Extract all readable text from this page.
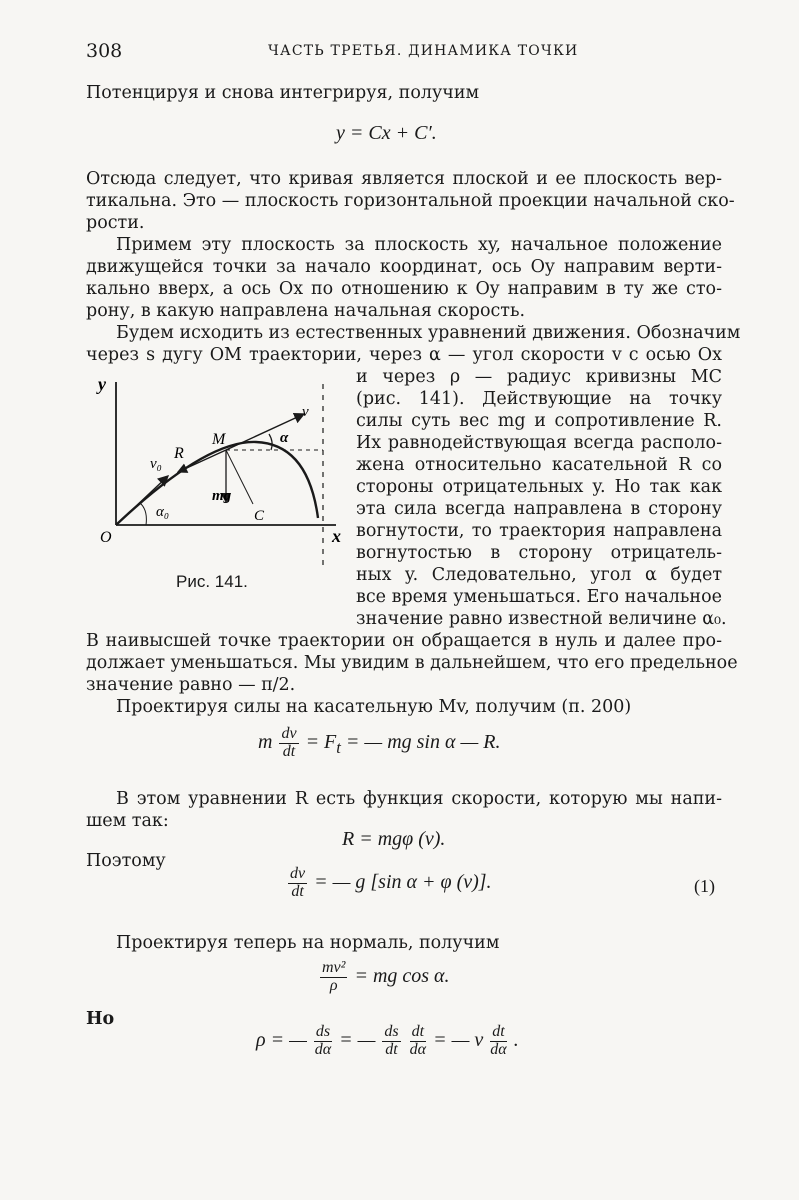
308	ЧАСТЬ ТРЕТЬЯ. ДИНАМИКА ТОЧКИ
Потенцируя и снова интегрируя, получим
y = Cx + C′.
Отсюда следует, что кривая является плоской и ее плоскость вер-
тикальна. Это — плоскость горизонтальной проекции начальной ско-
рости.
Примем эту плоскость за плоскость xy, начальное положение
движущейся точки за начало координат, ось Oy направим верти-
кально вверх, а ось Ox по отношению к Oy направим в ту же сто-
рону, в какую направлена начальная скорость.
Будем исходить из естественных уравнений движения. Обозначим
через s дугу OM траектории, через α — угол скорости v с осью Ox
и через ρ — радиус кривизны MC
(рис. 141). Действующие на точку
силы суть вес mg и сопротивление R.
Их равнодействующая всегда располо-
жена относительно касательной R со
стороны отрицательных y. Но так как
эта сила всегда направлена в сторону
вогнутости, то траектория направлена
вогнутостью в сторону отрицатель-
ных y. Следовательно, угол α будет
все время уменьшаться. Его начальное
значение равно известной величине α₀.
y
x
O
M
v
v₀
R
α
α₀
mg
C
Рис. 141.
В наивысшей точке траектории он обращается в нуль и далее про-
должает уменьшаться. Мы увидим в дальнейшем, что его предельное
значение равно — π/2.
Проектируя силы на касательную Mv, получим (п. 200)
m $\frac{dv}{dt} = F_t$ = — mg sin α — R.
В этом уравнении R есть функция скорости, которую мы напи-
шем так:
R = mgφ (v).
Поэтому
$\frac{dv}{dt}$ = — g [sin α + φ (v)].	(1)
Проектируя теперь на нормаль, получим
$\frac{\text{mv²}}{\rho}$ = mg cos α.
Но
ρ = — $\frac{ds}{d\alpha}$ = — $\frac{ds}{dt}$
$\frac{dt}{d\alpha}$ = — v $\frac{dt}{d\alpha}$ .
